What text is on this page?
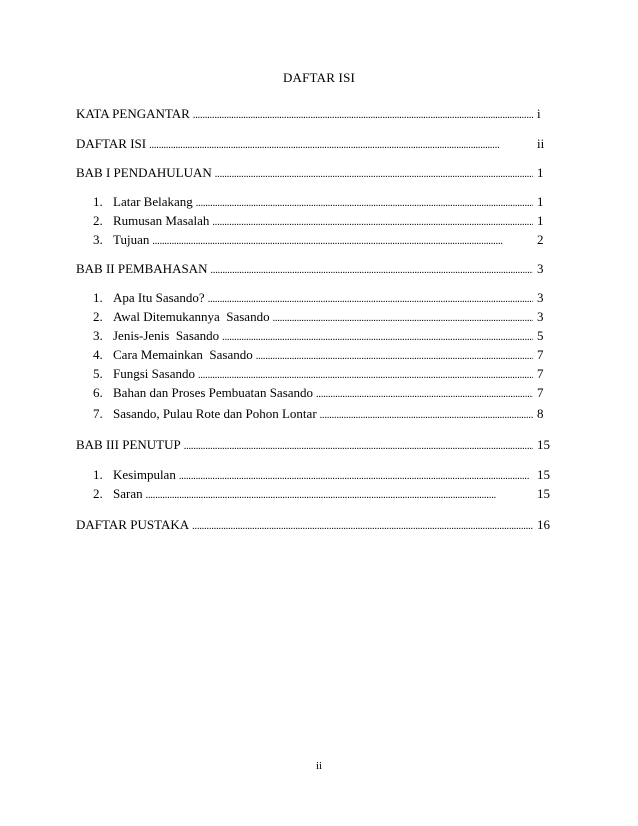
DAFTAR ISI
KATA PENGANTAR . . .	i
DAFTAR ISI . . .	ii
BAB I PENDAHULUAN . . .	1
1. Latar Belakang . . .	1
2. Rumusan Masalah . . .	1
3. Tujuan . . .	2
BAB II PEMBAHASAN . . .	3
1. Apa Itu Sasando? . . .	3
2. Awal Ditemukannya  Sasando . . .	3
3. Jenis-Jenis  Sasando . . .	5
4. Cara Memainkan  Sasando . . .	7
5. Fungsi Sasando . . .	7
6. Bahan dan Proses Pembuatan Sasando . . .	7
7. Sasando, Pulau Rote dan Pohon Lontar . . .	8
BAB III PENUTUP . . .	15
1. Kesimpulan . . .	15
2. Saran . . .	15
DAFTAR PUSTAKA . . .	16
ii
